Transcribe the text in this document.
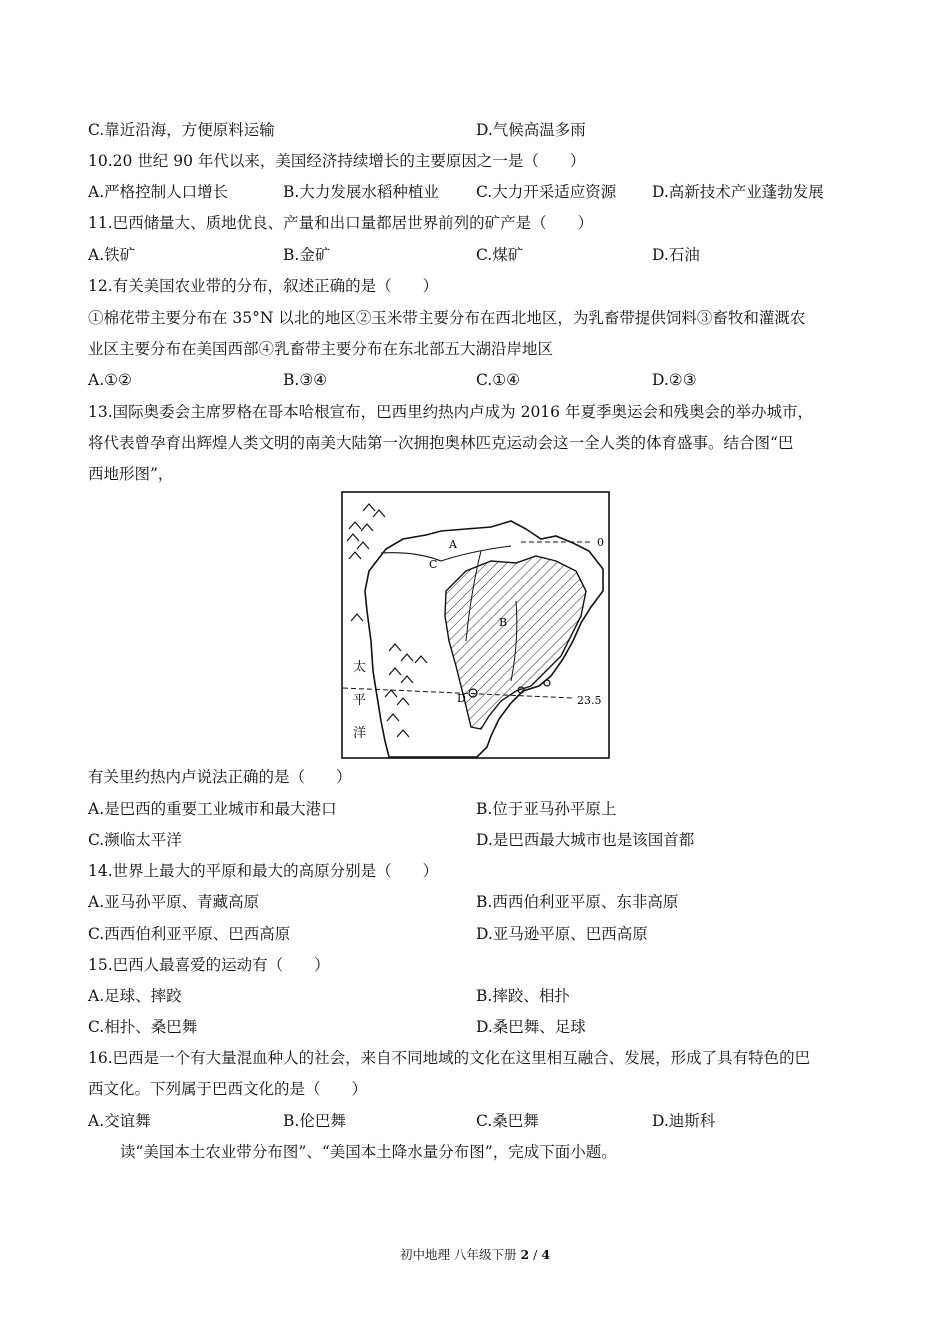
C.靠近沿海，方便原料运输	D.气候高温多雨
10.20 世纪 90 年代以来，美国经济持续增长的主要原因之一是（　　）
A.严格控制人口增长	B.大力发展水稻种植业 C.大力开采适应资源 D.高新技术产业蓬勃发展
11.巴西储量大、质地优良、产量和出口量都居世界前列的矿产是（　　）
A.铁矿	B.金矿	C.煤矿	D.石油
12.有关美国农业带的分布，叙述正确的是（　　）
①棉花带主要分布在 35°N 以北的地区②玉米带主要分布在西北地区，为乳畜带提供饲料③畜牧和灌溉农
业区主要分布在美国西部④乳畜带主要分布在东北部五大湖沿岸地区
A.①②	B.③④	C.①④	D.②③
13.国际奥委会主席罗格在哥本哈根宣布，巴西里约热内卢成为 2016 年夏季奥运会和残奥会的举办城市，
将代表曾孕育出辉煌人类文明的南美大陆第一次拥抱奥林匹克运动会这一全人类的体育盛事。结合图“巴
西地形图”，
0
23.5
A
C
B
D
太
平
洋
有关里约热内卢说法正确的是（　　）
A.是巴西的重要工业城市和最大港口	B.位于亚马孙平原上
C.濒临太平洋	D.是巴西最大城市也是该国首都
14.世界上最大的平原和最大的高原分别是（　　）
A.亚马孙平原、青藏高原	B.西西伯利亚平原、东非高原
C.西西伯利亚平原、巴西高原	D.亚马逊平原、巴西高原
15.巴西人最喜爱的运动有（　　）
A.足球、摔跤	B.摔跤、相扑
C.相扑、桑巴舞	D.桑巴舞、足球
16.巴西是一个有大量混血种人的社会，来自不同地域的文化在这里相互融合、发展，形成了具有特色的巴
西文化。下列属于巴西文化的是（　　）
A.交谊舞	B.伦巴舞	C.桑巴舞	D.迪斯科
读“美国本土农业带分布图”、“美国本土降水量分布图”，完成下面小题。
初中地理 八年级下册 2 / 4
